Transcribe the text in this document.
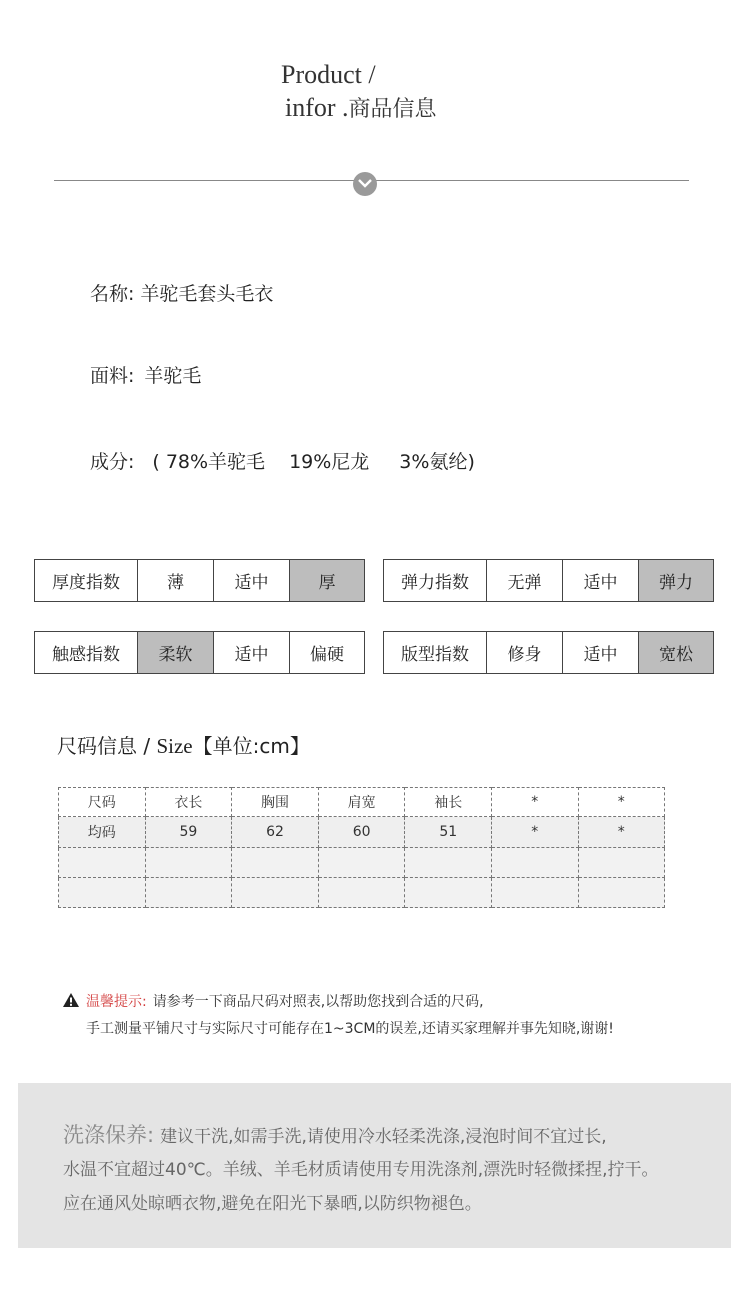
Product /
infor .商品信息
名称: 羊驼毛套头毛衣
面料: 羊驼毛
成分: ( 78%羊驼毛 19%尼龙 3%氨纶)
厚度指数	薄	适中	厚	弹力指数	无弹	适中	弹力
触感指数	柔软	适中	偏硬	版型指数	修身	适中	宽松
尺码信息 / Size【单位:cm】
尺码	衣长	胸围	肩宽	袖长	*	*
均码	59	62	60	51	*	*

温馨提示: 请参考一下商品尺码对照表,以帮助您找到合适的尺码,
手工测量平铺尺寸与实际尺寸可能存在1~3CM的误差,还请买家理解并事先知晓,谢谢!
洗涤保养: 建议干洗,如需手洗,请使用冷水轻柔洗涤,浸泡时间不宜过长,
水温不宜超过40℃。羊绒、羊毛材质请使用专用洗涤剂,漂洗时轻微揉捏,拧干。
应在通风处晾晒衣物,避免在阳光下暴晒,以防织物褪色。
